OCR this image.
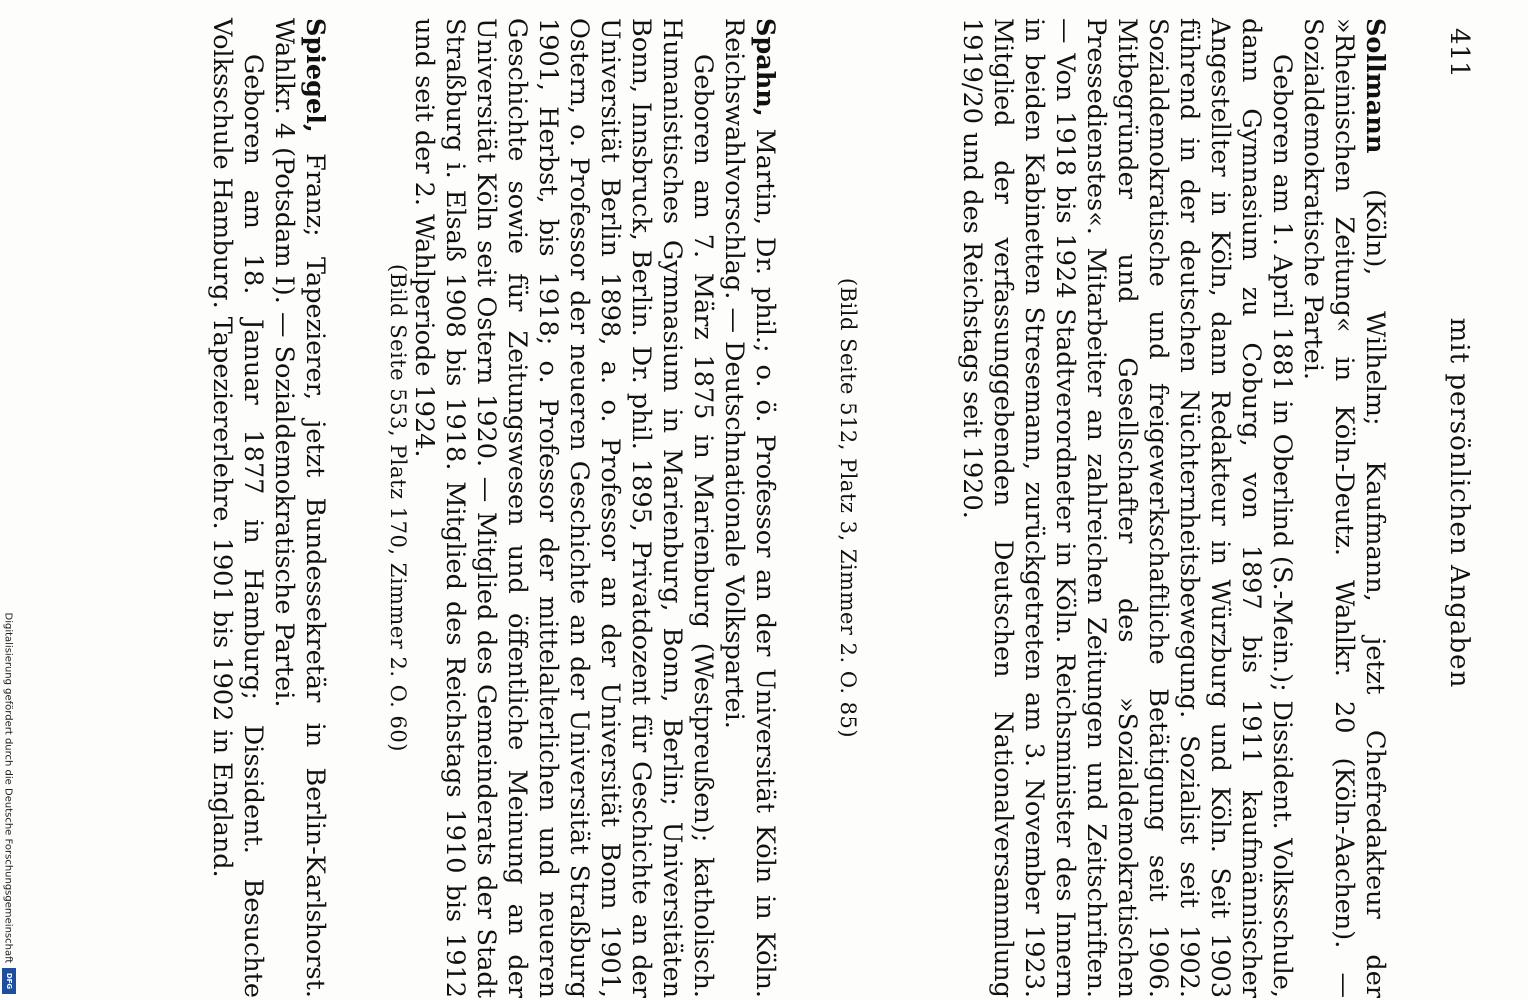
mit persönlichen Angaben
411

Sollmann (Köln), Wilhelm; Kaufmann, jetzt Chefredakteur der »Rheinischen Zeitung« in Köln-Deutz. Wahlkr. 20 (Köln-Aachen). — Sozialdemokratische Partei.

Geboren am 1. April 1881 in Oberlind (S.-Mein.); Dissident. Volksschule, dann Gymnasium zu Coburg, von 1897 bis 1911 kaufmännischer Angestellter in Köln, dann Redakteur in Würzburg und Köln. Seit 1903 führend in der deutschen Nüchternheitsbewegung. Sozialist seit 1902. Sozialdemokratische und freigewerkschaftliche Betätigung seit 1906. Mitbegründer und Gesellschafter des »Sozialdemokratischen Pressedienstes«. Mitarbeiter an zahlreichen Zeitungen und Zeitschriften. — Von 1918 bis 1924 Stadtverordneter in Köln. Reichsminister des Innern in beiden Kabinetten Stresemann, zurückgetreten am 3. November 1923. Mitglied der verfassunggebenden Deutschen Nationalversammlung 1919/20 und des Reichstags seit 1920.

(Bild Seite 512, Platz 3, Zimmer 2. O. 85)

Spahn, Martin, Dr. phil.; o. ö. Professor an der Universität Köln in Köln. Reichswahlvorschlag. — Deutschnationale Volkspartei.

Geboren am 7. März 1875 in Marienburg (Westpreußen); katholisch. Humanistisches Gymnasium in Marienburg, Bonn, Berlin; Universitäten Bonn, Innsbruck, Berlin. Dr. phil. 1895, Privatdozent für Geschichte an der Universität Berlin 1898, a. o. Professor an der Universität Bonn 1901, Ostern, o. Professor der neueren Geschichte an der Universität Straßburg 1901, Herbst, bis 1918; o. Professor der mittelalterlichen und neueren Geschichte sowie für Zeitungswesen und öffentliche Meinung an der Universität Köln seit Ostern 1920. — Mitglied des Gemeinderats der Stadt Straßburg i. Elsaß 1908 bis 1918. Mitglied des Reichstags 1910 bis 1912 und seit der 2. Wahlperiode 1924.

(Bild Seite 553, Platz 170, Zimmer 2. O. 60)

Spiegel, Franz; Tapezierer, jetzt Bundessekretär in Berlin-Karlshorst. Wahlkr. 4 (Potsdam I). — Sozialdemokratische Partei.

Geboren am 18. Januar 1877 in Hamburg; Dissident. Besuchte Volksschule Hamburg. Tapeziererlehre. 1901 bis 1902 in England.

Digitalisierung gefördert durch die Deutsche Forschungsgemeinschaft
DFG
